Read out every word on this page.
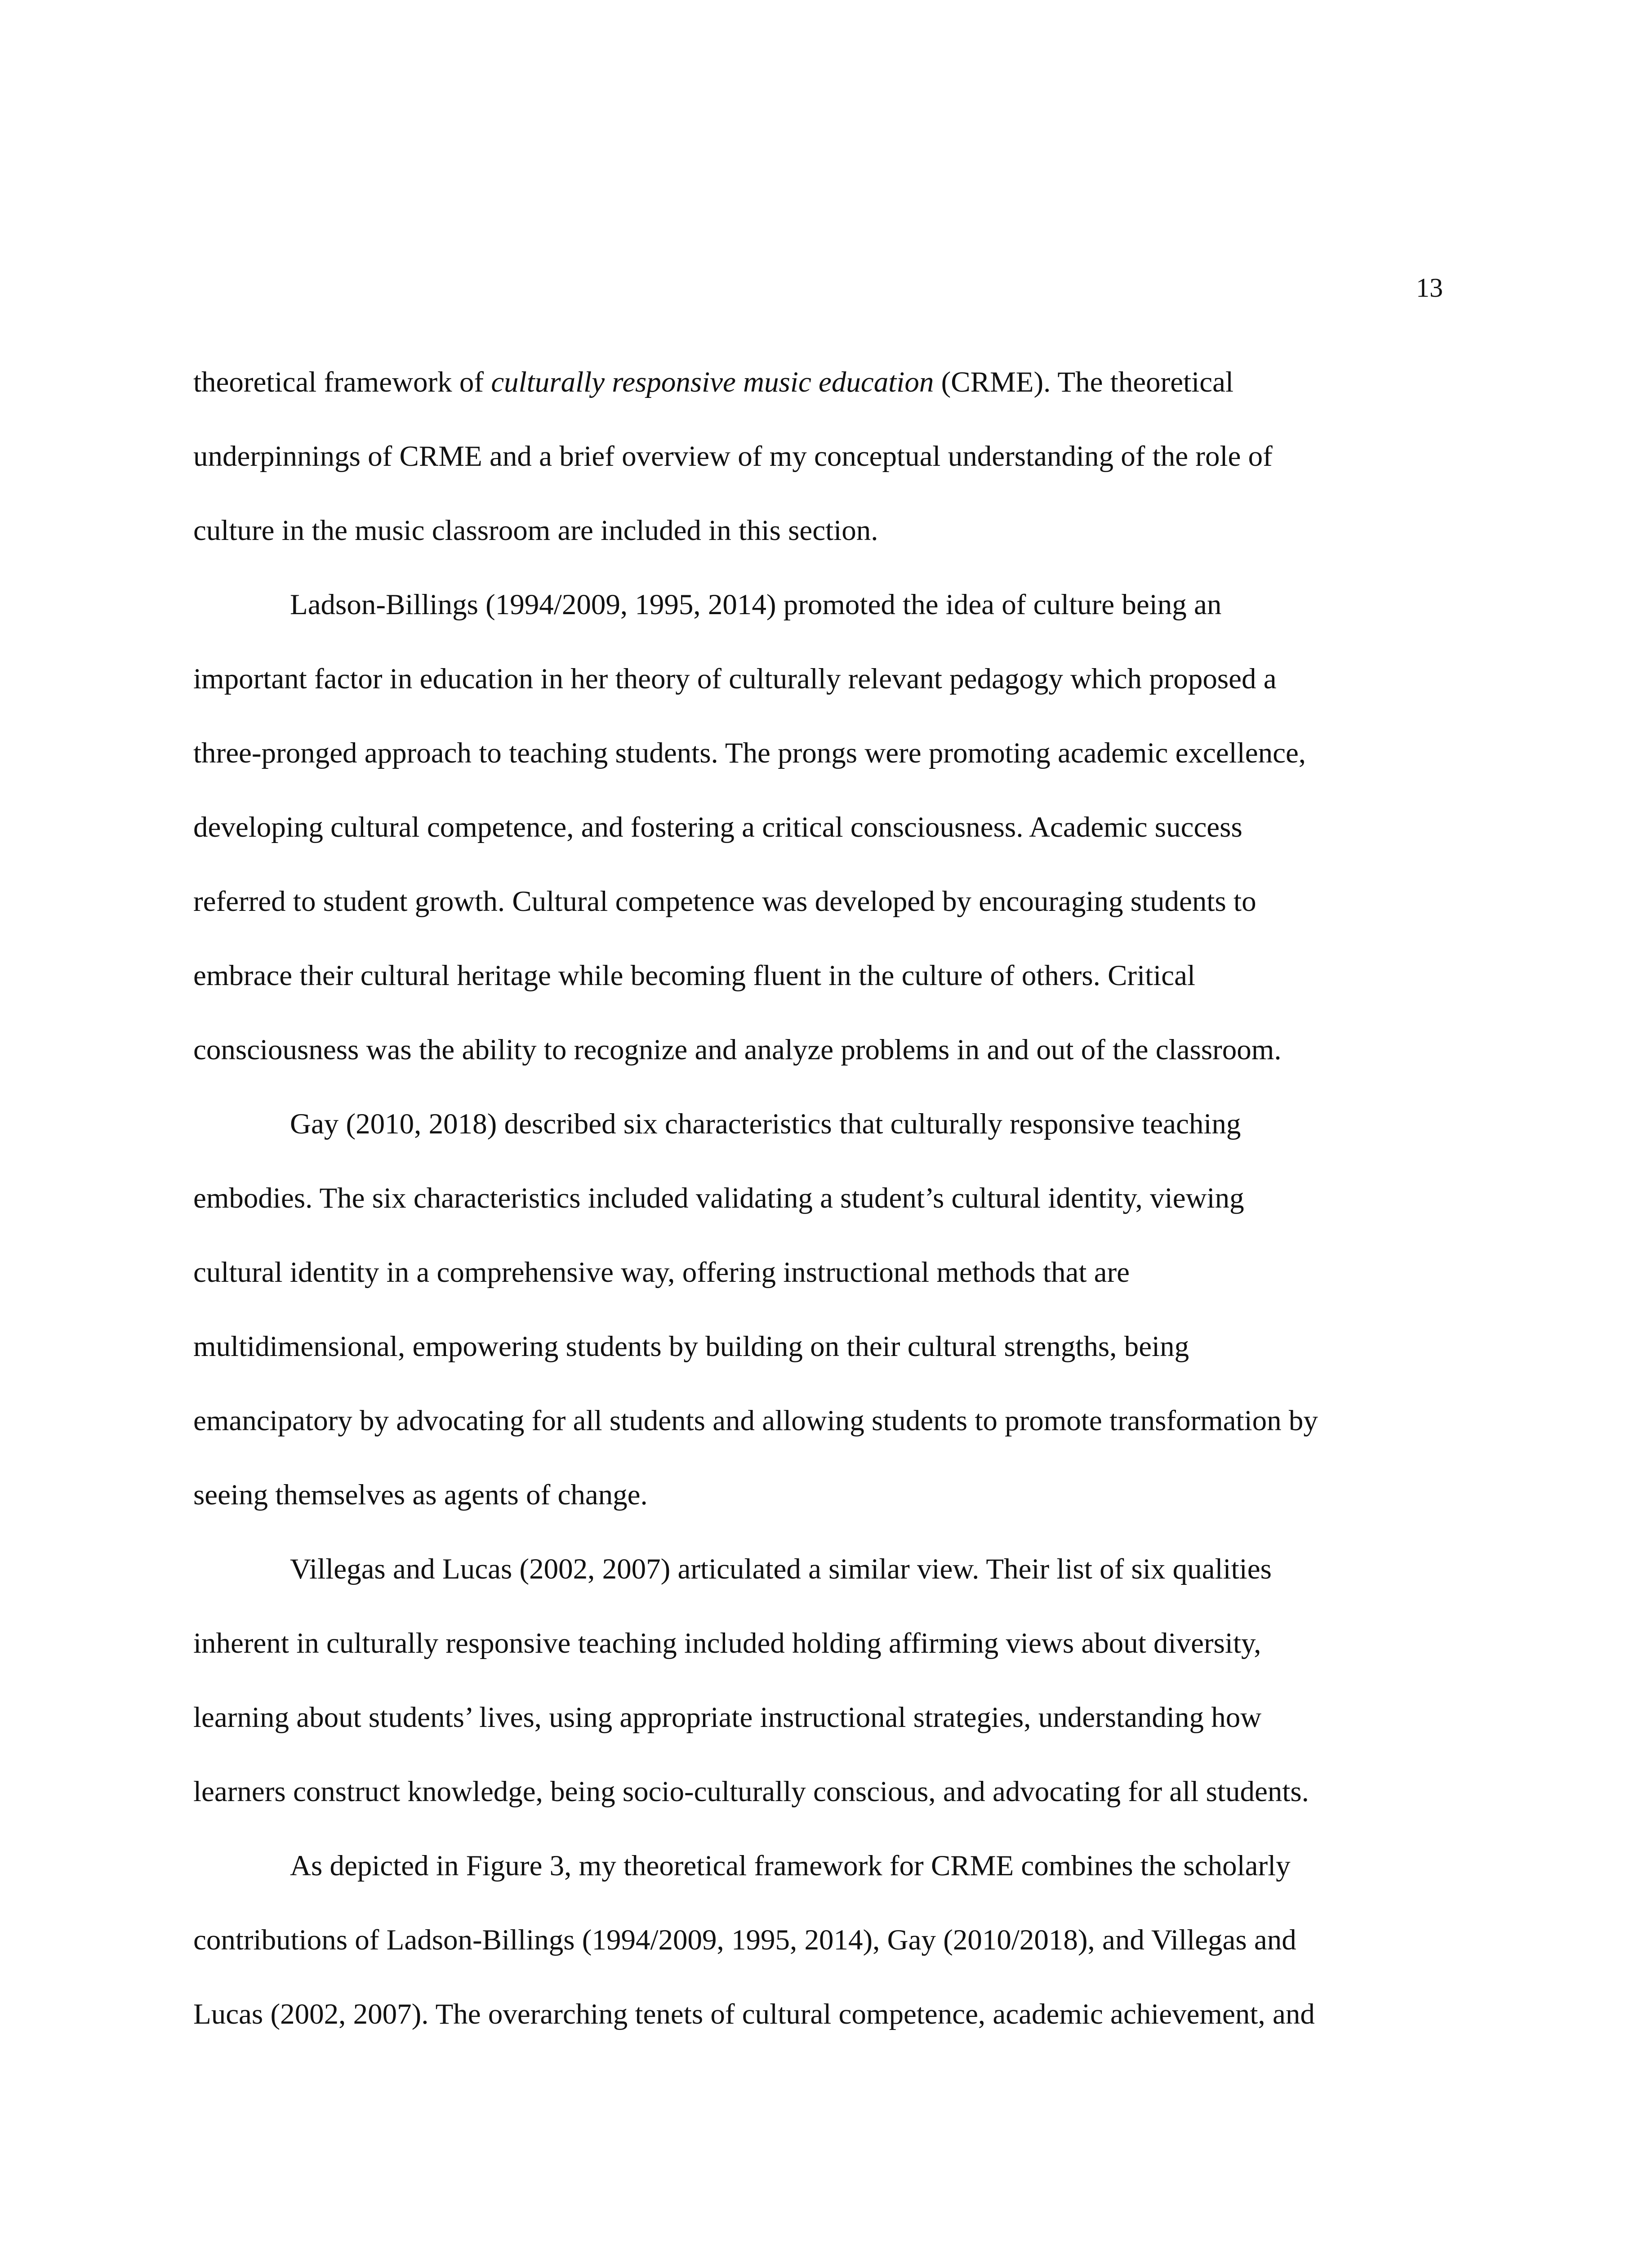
13
theoretical framework of culturally responsive music education (CRME). The theoretical
underpinnings of CRME and a brief overview of my conceptual understanding of the role of
culture in the music classroom are included in this section.
Ladson-Billings (1994/2009, 1995, 2014) promoted the idea of culture being an
important factor in education in her theory of culturally relevant pedagogy which proposed a
three-pronged approach to teaching students. The prongs were promoting academic excellence,
developing cultural competence, and fostering a critical consciousness. Academic success
referred to student growth. Cultural competence was developed by encouraging students to
embrace their cultural heritage while becoming fluent in the culture of others. Critical
consciousness was the ability to recognize and analyze problems in and out of the classroom.
Gay (2010, 2018) described six characteristics that culturally responsive teaching
embodies. The six characteristics included validating a student’s cultural identity, viewing
cultural identity in a comprehensive way, offering instructional methods that are
multidimensional, empowering students by building on their cultural strengths, being
emancipatory by advocating for all students and allowing students to promote transformation by
seeing themselves as agents of change.
Villegas and Lucas (2002, 2007) articulated a similar view. Their list of six qualities
inherent in culturally responsive teaching included holding affirming views about diversity,
learning about students’ lives, using appropriate instructional strategies, understanding how
learners construct knowledge, being socio-culturally conscious, and advocating for all students.
As depicted in Figure 3, my theoretical framework for CRME combines the scholarly
contributions of Ladson-Billings (1994/2009, 1995, 2014), Gay (2010/2018), and Villegas and
Lucas (2002, 2007). The overarching tenets of cultural competence, academic achievement, and
